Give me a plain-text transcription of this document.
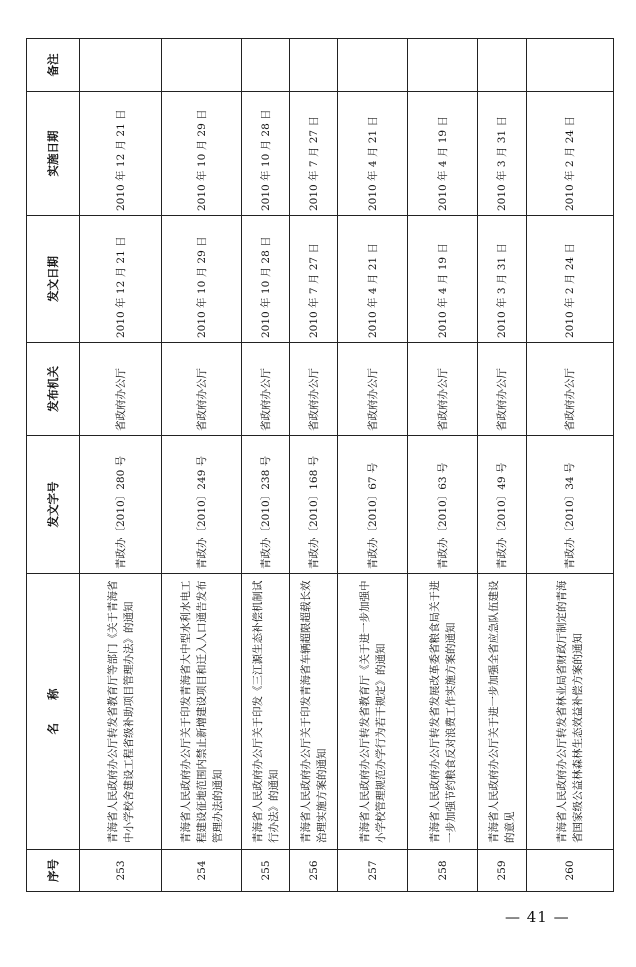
序号	名　　称	发文字号	发布机关	发文日期	实施日期	备注
253	青海省人民政府办公厅转发省教育厅等部门《关于青海省中小学校舍建设工程省级补助项目管理办法》的通知	青政办〔2010〕280 号	省政府办公厅	2010 年 12 月 21 日	2010 年 12 月 21 日	
254	青海省人民政府办公厅关于印发青海省大中型水利水电工程建设征地范围内禁止新增建设项目和迁入人口通告发布管理办法的通知	青政办〔2010〕249 号	省政府办公厅	2010 年 10 月 29 日	2010 年 10 月 29 日	
255	青海省人民政府办公厅关于印发《三江源生态补偿机制试行办法》的通知	青政办〔2010〕238 号	省政府办公厅	2010 年 10 月 28 日	2010 年 10 月 28 日	
256	青海省人民政府办公厅关于印发青海省车辆超限超载长效治理实施方案的通知	青政办〔2010〕168 号	省政府办公厅	2010 年 7 月 27 日	2010 年 7 月 27 日	
257	青海省人民政府办公厅转发省教育厅《关于进一步加强中小学校管理规范办学行为若干规定》的通知	青政办〔2010〕67 号	省政府办公厅	2010 年 4 月 21 日	2010 年 4 月 21 日	
258	青海省人民政府办公厅转发省发展改革委省粮食局关于进一步加强节约粮食反对浪费工作实施方案的通知	青政办〔2010〕63 号	省政府办公厅	2010 年 4 月 19 日	2010 年 4 月 19 日	
259	青海省人民政府办公厅关于进一步加强全省应急队伍建设的意见	青政办〔2010〕49 号	省政府办公厅	2010 年 3 月 31 日	2010 年 3 月 31 日	
260	青海省人民政府办公厅转发省林业局省财政厅制定的青海省国家级公益林森林生态效益补偿方案的通知	青政办〔2010〕34 号	省政府办公厅	2010 年 2 月 24 日	2010 年 2 月 24 日	
— 41 —
